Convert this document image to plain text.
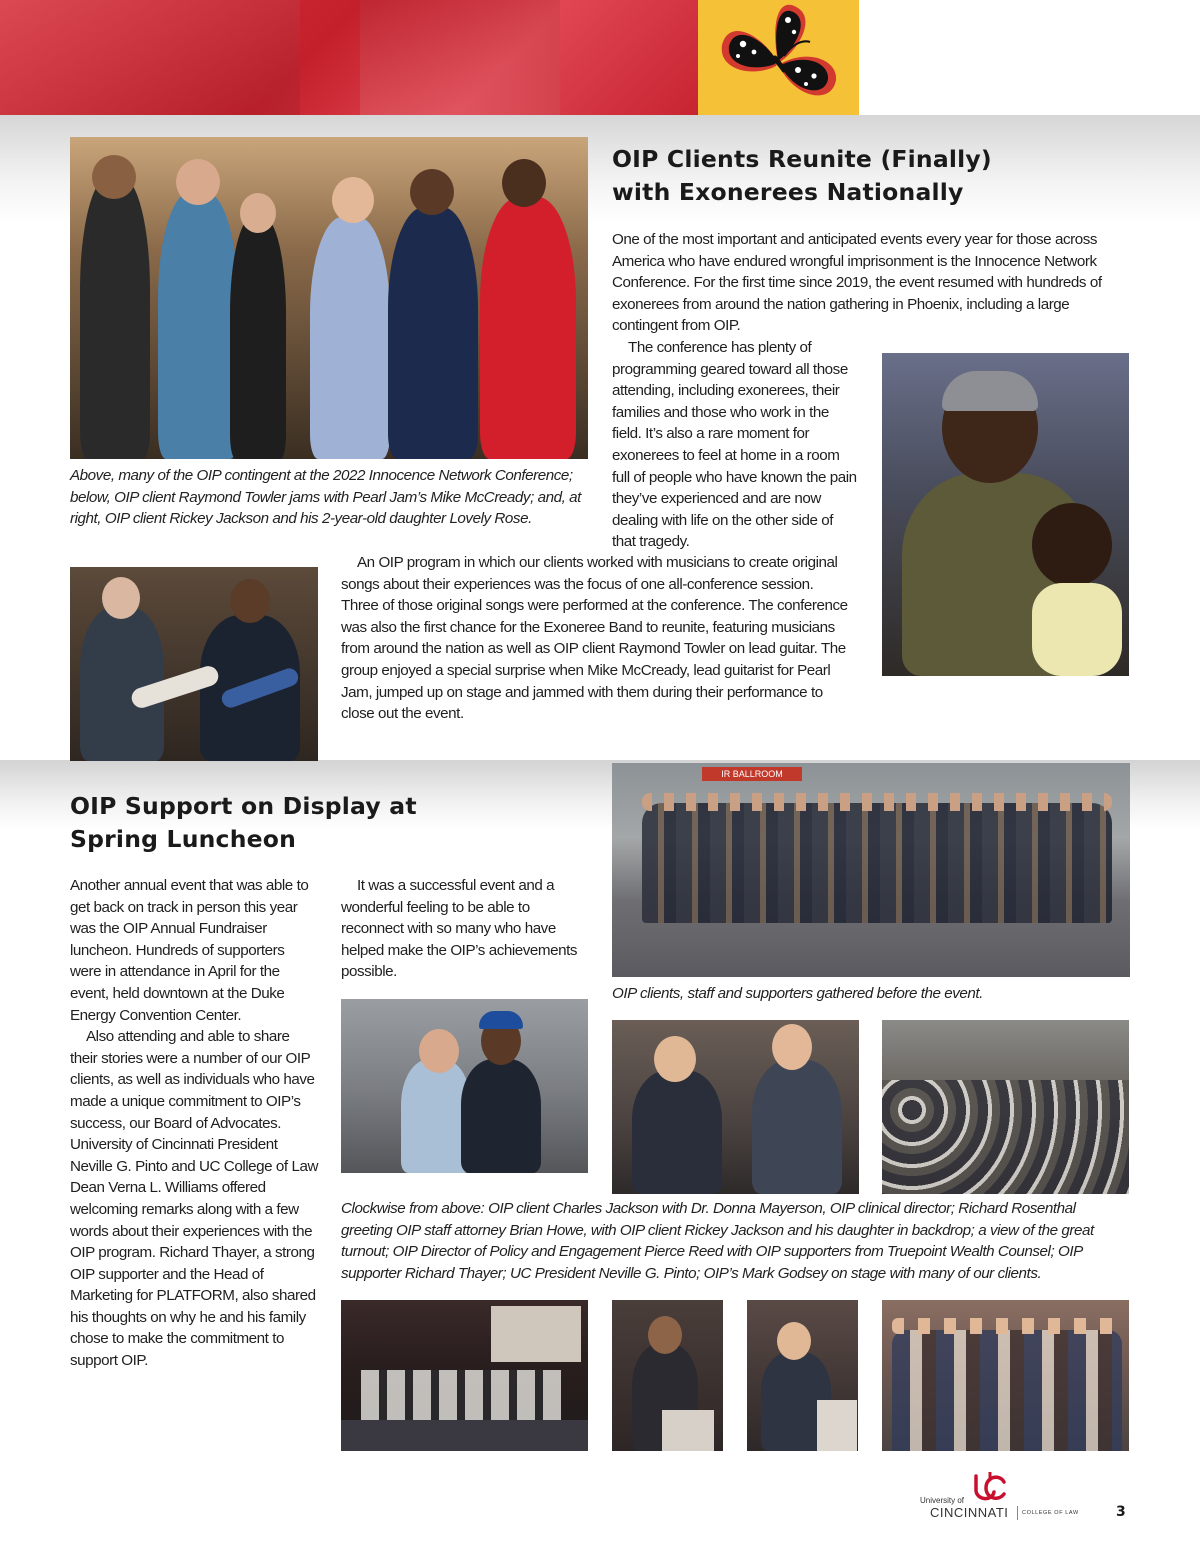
OIP Clients Reunite (Finally)
with Exonerees Nationally

One of the most important and anticipated events every year for those across America who have endured wrongful imprisonment is the Innocence Network Conference. For the first time since 2019, the event resumed with hundreds of exonerees from around the nation gathering in Phoenix, including a large contingent from OIP.

The conference has plenty of programming geared toward all those attending, including exonerees, their families and those who work in the field. It’s also a rare moment for exonerees to feel at home in a room full of people who have known the pain they’ve experienced and are now dealing with life on the other side of that tragedy.

An OIP program in which our clients worked with musicians to create original songs about their experiences was the focus of one all-conference session. Three of those original songs were performed at the conference. The conference was also the first chance for the Exoneree Band to reunite, featuring musicians from around the nation as well as OIP client Raymond Towler on lead guitar. The group enjoyed a special surprise when Mike McCready, lead guitarist for Pearl Jam, jumped up on stage and jammed with them during their performance to close out the event.

Above, many of the OIP contingent at the 2022 Innocence Network Conference; below, OIP client Raymond Towler jams with Pearl Jam’s Mike McCready; and, at right, OIP client Rickey Jackson and his 2-year-old daughter Lovely Rose.
OIP Support on Display at
Spring Luncheon

Another annual event that was able to get back on track in person this year was the OIP Annual Fundraiser luncheon. Hundreds of supporters were in attendance in April for the event, held downtown at the Duke Energy Convention Center.

Also attending and able to share their stories were a number of our OIP clients, as well as individuals who have made a unique commitment to OIP’s success, our Board of Advocates. University of Cincinnati President Neville G. Pinto and UC College of Law Dean Verna L. Williams offered welcoming remarks along with a few words about their experiences with the OIP program. Richard Thayer, a strong OIP supporter and the Head of Marketing for PLATFORM, also shared his thoughts on why he and his family chose to make the commitment to support OIP.

It was a successful event and a wonderful feeling to be able to reconnect with so many who have helped make the OIP’s achievements possible.

IR BALLROOM
OIP clients, staff and supporters gathered before the event.
Clockwise from above: OIP client Charles Jackson with Dr. Donna Mayerson, OIP clinical director; Richard Rosenthal greeting OIP staff attorney Brian Howe, with OIP client Rickey Jackson and his daughter in backdrop; a view of the great turnout; OIP Director of Policy and Engagement Pierce Reed with OIP supporters from Truepoint Wealth Counsel; OIP supporter Richard Thayer; UC President Neville G. Pinto; OIP’s Mark Godsey on stage with many of our clients.
University of
CINCINNATI COLLEGE OF LAW	3
